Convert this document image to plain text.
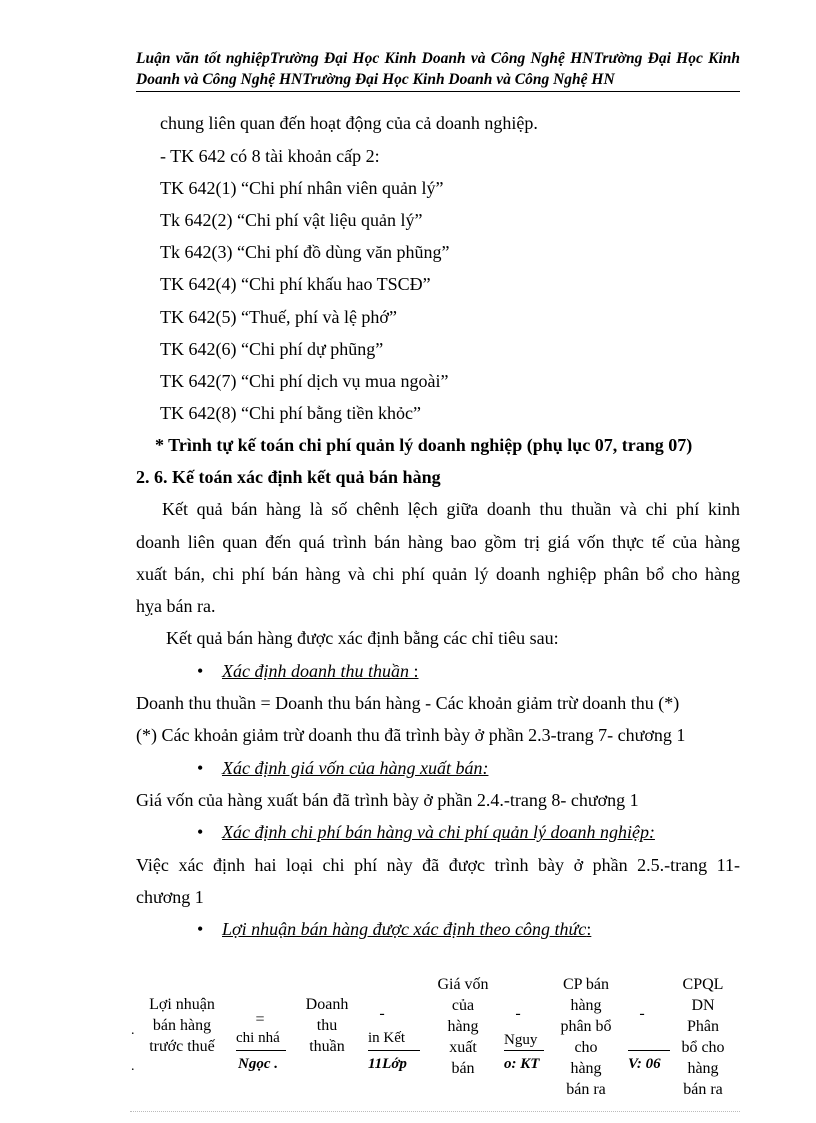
Luận văn tốt nghiệpTrường Đại Học Kinh Doanh và Công Nghệ HNTrường Đại Học Kinh Doanh và Công Nghệ HNTrường Đại Học Kinh Doanh và Công Nghệ HN
chung liên quan đến hoạt động của cả doanh nghiệp.
- TK 642 có 8 tài khoản cấp 2:
TK 642(1) “Chi phí nhân viên quản lý”
Tk 642(2) “Chi phí vật liệu quản lý”
Tk 642(3) “Chi phí đồ dùng văn phũng”
TK 642(4) “Chi phí khấu hao TSCĐ”
TK 642(5) “Thuế, phí và lệ phớ”
TK 642(6) “Chi phí dự phũng”
TK 642(7) “Chi phí dịch vụ mua ngoài”
TK 642(8) “Chi phí bằng tiền khỏc”
* Trình tự kế toán chi phí quản lý doanh nghiệp (phụ lục 07, trang 07)
2. 6. Kế toán xác định kết quả bán hàng
Kết quả bán hàng là số chênh lệch giữa doanh thu thuần và chi phí kinh
doanh liên quan đến quá trình bán hàng bao gồm trị giá vốn thực tế của hàng
xuất bán, chi phí bán hàng và chi phí quản lý doanh nghiệp phân bổ cho hàng
hỵa bán ra.
Kết quả bán hàng được xác định bằng các chỉ tiêu sau:
•	Xác định doanh thu thuần :
Doanh thu thuần = Doanh thu bán hàng - Các khoản giảm trừ doanh thu (*)
(*) Các khoản giảm trừ doanh thu đã trình bày ở phần 2.3-trang 7- chương 1
•	Xác định giá vốn của hàng xuất bán:
Giá vốn của hàng xuất bán đã trình bày ở phần 2.4.-trang 8- chương 1
•	Xác định chi phí bán hàng và chi phí quản lý doanh nghiệp:
Việc xác định hai loại chi phí này đã được trình bày ở phần 2.5.-trang 11-
chương 1
•	Lợi nhuận bán hàng được xác định theo công thức:
Lợi nhuận
bán hàng
trước thuế
.
.
=
chi nhá
Ngọc .
Doanh
thu
thuần
-
in Kết
11Lớp
Giá vốn
của
hàng
xuất
bán
-
Nguy
o: KT
CP bán
hàng
phân bổ
cho
hàng
bán ra
-
V: 06
CPQL
DN
Phân
bổ cho
hàng
bán ra
